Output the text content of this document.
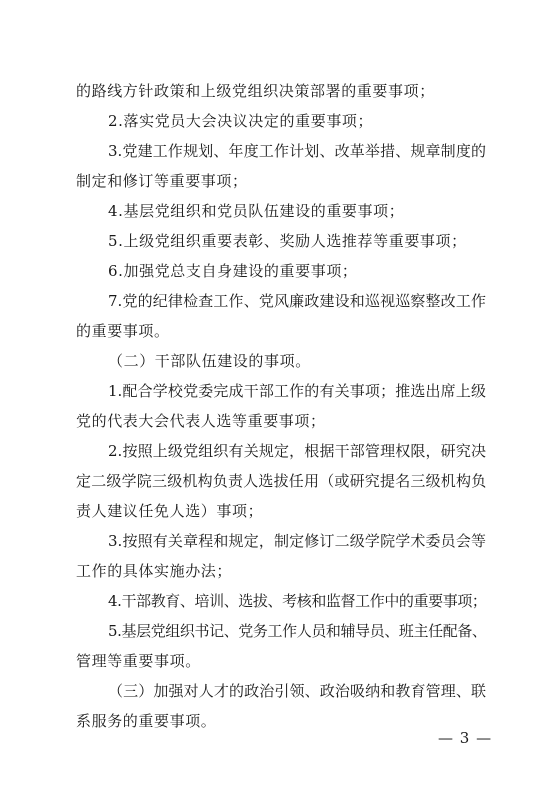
的路线方针政策和上级党组织决策部署的重要事项；
2.落实党员大会决议决定的重要事项；
3.党建工作规划、年度工作计划、改革举措、规章制度的
制定和修订等重要事项；
4.基层党组织和党员队伍建设的重要事项；
5.上级党组织重要表彰、奖励人选推荐等重要事项；
6.加强党总支自身建设的重要事项；
7.党的纪律检查工作、党风廉政建设和巡视巡察整改工作
的重要事项。
（二）干部队伍建设的事项。
1.配合学校党委完成干部工作的有关事项；推选出席上级
党的代表大会代表人选等重要事项；
2.按照上级党组织有关规定，根据干部管理权限，研究决
定二级学院三级机构负责人选拔任用（或研究提名三级机构负
责人建议任免人选）事项；
3.按照有关章程和规定，制定修订二级学院学术委员会等
工作的具体实施办法；
4.干部教育、培训、选拔、考核和监督工作中的重要事项；
5.基层党组织书记、党务工作人员和辅导员、班主任配备、
管理等重要事项。
（三）加强对人才的政治引领、政治吸纳和教育管理、联
系服务的重要事项。
— 3 —
